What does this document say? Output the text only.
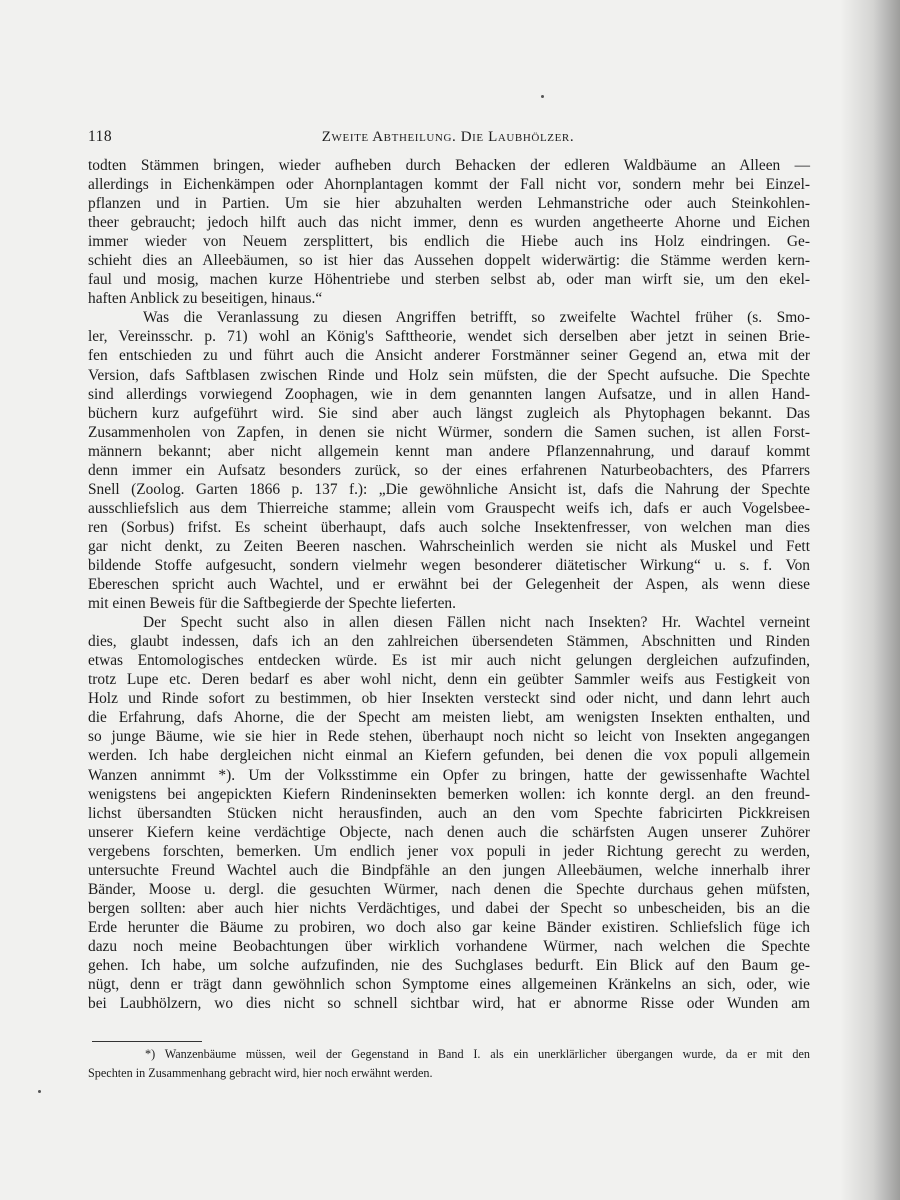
118	Zweite Abtheilung. Die Laubhölzer.
todten Stämmen bringen, wieder aufheben durch Behacken der edleren Waldbäume an Alleen —
allerdings in Eichenkämpen oder Ahornplantagen kommt der Fall nicht vor, sondern mehr bei Einzel-
pflanzen und in Partien. Um sie hier abzuhalten werden Lehmanstriche oder auch Steinkohlen-
theer gebraucht; jedoch hilft auch das nicht immer, denn es wurden angetheerte Ahorne und Eichen
immer wieder von Neuem zersplittert, bis endlich die Hiebe auch ins Holz eindringen. Ge-
schieht dies an Alleebäumen, so ist hier das Aussehen doppelt widerwärtig: die Stämme werden kern-
faul und mosig, machen kurze Höhentriebe und sterben selbst ab, oder man wirft sie, um den ekel-
haften Anblick zu beseitigen, hinaus.“
Was die Veranlassung zu diesen Angriffen betrifft, so zweifelte Wachtel früher (s. Smo-
ler, Vereinsschr. p. 71) wohl an König's Safttheorie, wendet sich derselben aber jetzt in seinen Brie-
fen entschieden zu und führt auch die Ansicht anderer Forstmänner seiner Gegend an, etwa mit der
Version, dafs Saftblasen zwischen Rinde und Holz sein müfsten, die der Specht aufsuche. Die Spechte
sind allerdings vorwiegend Zoophagen, wie in dem genannten langen Aufsatze, und in allen Hand-
büchern kurz aufgeführt wird. Sie sind aber auch längst zugleich als Phytophagen bekannt. Das
Zusammenholen von Zapfen, in denen sie nicht Würmer, sondern die Samen suchen, ist allen Forst-
männern bekannt; aber nicht allgemein kennt man andere Pflanzennahrung, und darauf kommt
denn immer ein Aufsatz besonders zurück, so der eines erfahrenen Naturbeobachters, des Pfarrers
Snell (Zoolog. Garten 1866 p. 137 f.): „Die gewöhnliche Ansicht ist, dafs die Nahrung der Spechte
ausschliefslich aus dem Thierreiche stamme; allein vom Grauspecht weifs ich, dafs er auch Vogelsbee-
ren (Sorbus) frifst. Es scheint überhaupt, dafs auch solche Insektenfresser, von welchen man dies
gar nicht denkt, zu Zeiten Beeren naschen. Wahrscheinlich werden sie nicht als Muskel und Fett
bildende Stoffe aufgesucht, sondern vielmehr wegen besonderer diätetischer Wirkung“ u. s. f. Von
Ebereschen spricht auch Wachtel, und er erwähnt bei der Gelegenheit der Aspen, als wenn diese
mit einen Beweis für die Saftbegierde der Spechte lieferten.
Der Specht sucht also in allen diesen Fällen nicht nach Insekten? Hr. Wachtel verneint
dies, glaubt indessen, dafs ich an den zahlreichen übersendeten Stämmen, Abschnitten und Rinden
etwas Entomologisches entdecken würde. Es ist mir auch nicht gelungen dergleichen aufzufinden,
trotz Lupe etc. Deren bedarf es aber wohl nicht, denn ein geübter Sammler weifs aus Festigkeit von
Holz und Rinde sofort zu bestimmen, ob hier Insekten versteckt sind oder nicht, und dann lehrt auch
die Erfahrung, dafs Ahorne, die der Specht am meisten liebt, am wenigsten Insekten enthalten, und
so junge Bäume, wie sie hier in Rede stehen, überhaupt noch nicht so leicht von Insekten angegangen
werden. Ich habe dergleichen nicht einmal an Kiefern gefunden, bei denen die vox populi allgemein
Wanzen annimmt *). Um der Volksstimme ein Opfer zu bringen, hatte der gewissenhafte Wachtel
wenigstens bei angepickten Kiefern Rindeninsekten bemerken wollen: ich konnte dergl. an den freund-
lichst übersandten Stücken nicht herausfinden, auch an den vom Spechte fabricirten Pickkreisen
unserer Kiefern keine verdächtige Objecte, nach denen auch die schärfsten Augen unserer Zuhörer
vergebens forschten, bemerken. Um endlich jener vox populi in jeder Richtung gerecht zu werden,
untersuchte Freund Wachtel auch die Bindpfähle an den jungen Alleebäumen, welche innerhalb ihrer
Bänder, Moose u. dergl. die gesuchten Würmer, nach denen die Spechte durchaus gehen müfsten,
bergen sollten: aber auch hier nichts Verdächtiges, und dabei der Specht so unbescheiden, bis an die
Erde herunter die Bäume zu probiren, wo doch also gar keine Bänder existiren. Schliefslich füge ich
dazu noch meine Beobachtungen über wirklich vorhandene Würmer, nach welchen die Spechte
gehen. Ich habe, um solche aufzufinden, nie des Suchglases bedurft. Ein Blick auf den Baum ge-
nügt, denn er trägt dann gewöhnlich schon Symptome eines allgemeinen Kränkelns an sich, oder, wie
bei Laubhölzern, wo dies nicht so schnell sichtbar wird, hat er abnorme Risse oder Wunden am
*) Wanzenbäume müssen, weil der Gegenstand in Band I. als ein unerklärlicher übergangen wurde, da er mit den
Spechten in Zusammenhang gebracht wird, hier noch erwähnt werden.
